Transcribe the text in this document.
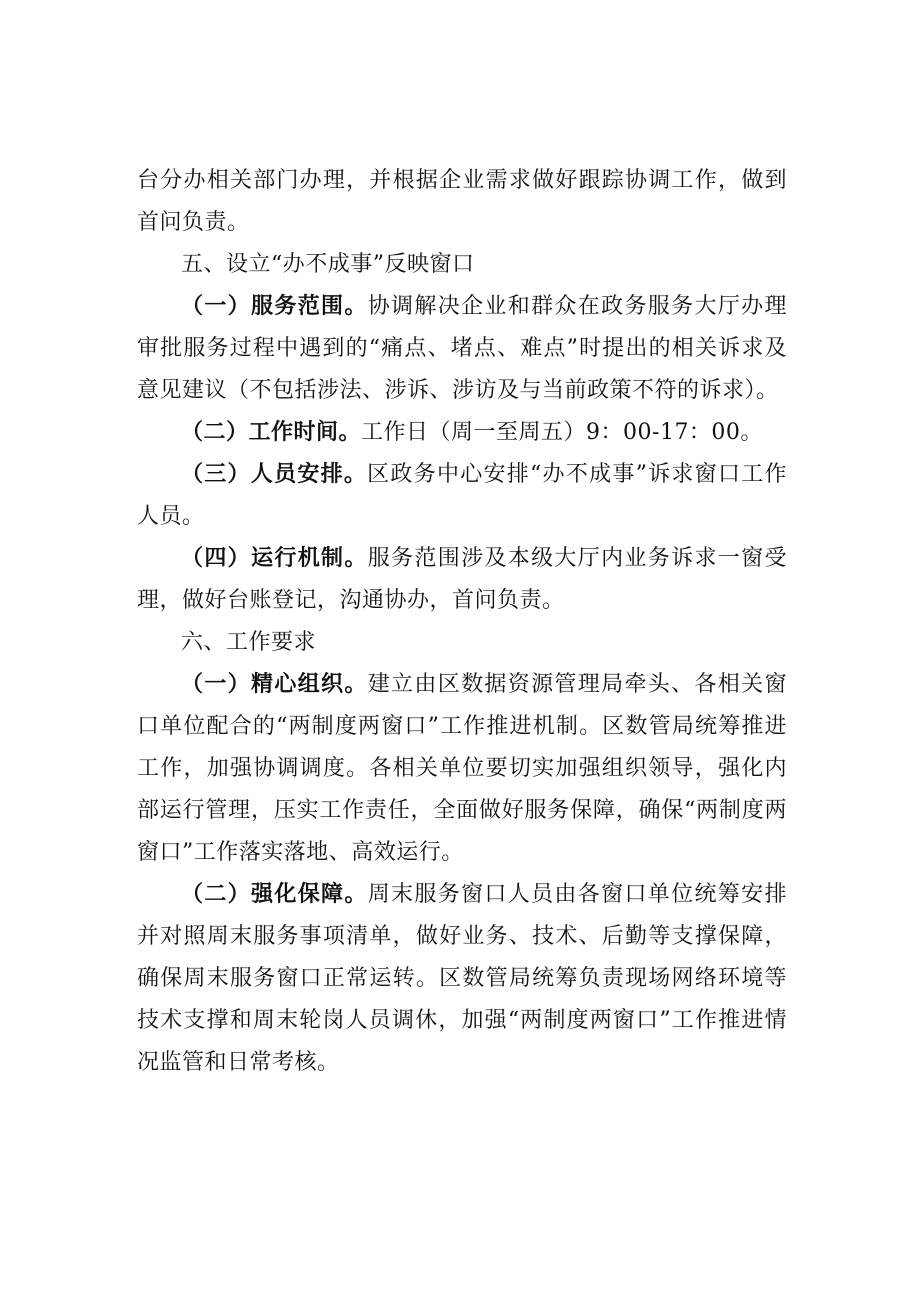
台分办相关部门办理，并根据企业需求做好跟踪协调工作，做到首问负责。

五、设立“办不成事”反映窗口

（一）服务范围。协调解决企业和群众在政务服务大厅办理审批服务过程中遇到的“痛点、堵点、难点”时提出的相关诉求及意见建议（不包括涉法、涉诉、涉访及与当前政策不符的诉求）。

（二）工作时间。工作日（周一至周五）9：00-17：00。

（三）人员安排。区政务中心安排“办不成事”诉求窗口工作人员。

（四）运行机制。服务范围涉及本级大厅内业务诉求一窗受理，做好台账登记，沟通协办，首问负责。

六、工作要求

（一）精心组织。建立由区数据资源管理局牵头、各相关窗口单位配合的“两制度两窗口”工作推进机制。区数管局统筹推进工作，加强协调调度。各相关单位要切实加强组织领导，强化内部运行管理，压实工作责任，全面做好服务保障，确保“两制度两窗口”工作落实落地、高效运行。

（二）强化保障。周末服务窗口人员由各窗口单位统筹安排并对照周末服务事项清单，做好业务、技术、后勤等支撑保障，确保周末服务窗口正常运转。区数管局统筹负责现场网络环境等技术支撑和周末轮岗人员调休，加强“两制度两窗口”工作推进情况监管和日常考核。
